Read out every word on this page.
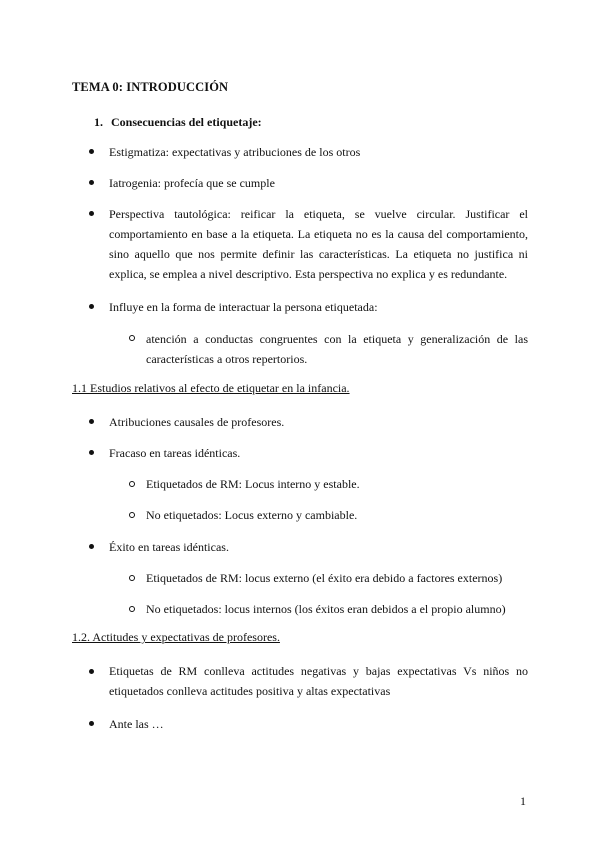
TEMA 0: INTRODUCCIÓN
1. Consecuencias del etiquetaje:
Estigmatiza: expectativas y atribuciones de los otros
Iatrogenia: profecía que se cumple
Perspectiva tautológica: reificar la etiqueta, se vuelve circular. Justificar el comportamiento en base a la etiqueta. La etiqueta no es la causa del comportamiento, sino aquello que nos permite definir las características. La etiqueta no justifica ni explica, se emplea a nivel descriptivo. Esta perspectiva no explica y es redundante.
Influye en la forma de interactuar la persona etiquetada:
atención a conductas congruentes con la etiqueta y generalización de las características a otros repertorios.
1.1 Estudios relativos al efecto de etiquetar en la infancia.
Atribuciones causales de profesores.
Fracaso en tareas idénticas.
Etiquetados de RM: Locus interno y estable.
No etiquetados: Locus externo y cambiable.
Éxito en tareas idénticas.
Etiquetados de RM: locus externo (el éxito era debido a factores externos)
No etiquetados: locus internos (los éxitos eran debidos a el propio alumno)
1.2. Actitudes y expectativas de profesores.
Etiquetas de RM conlleva actitudes negativas y bajas expectativas Vs niños no etiquetados conlleva actitudes positiva y altas expectativas
Ante las …
1
